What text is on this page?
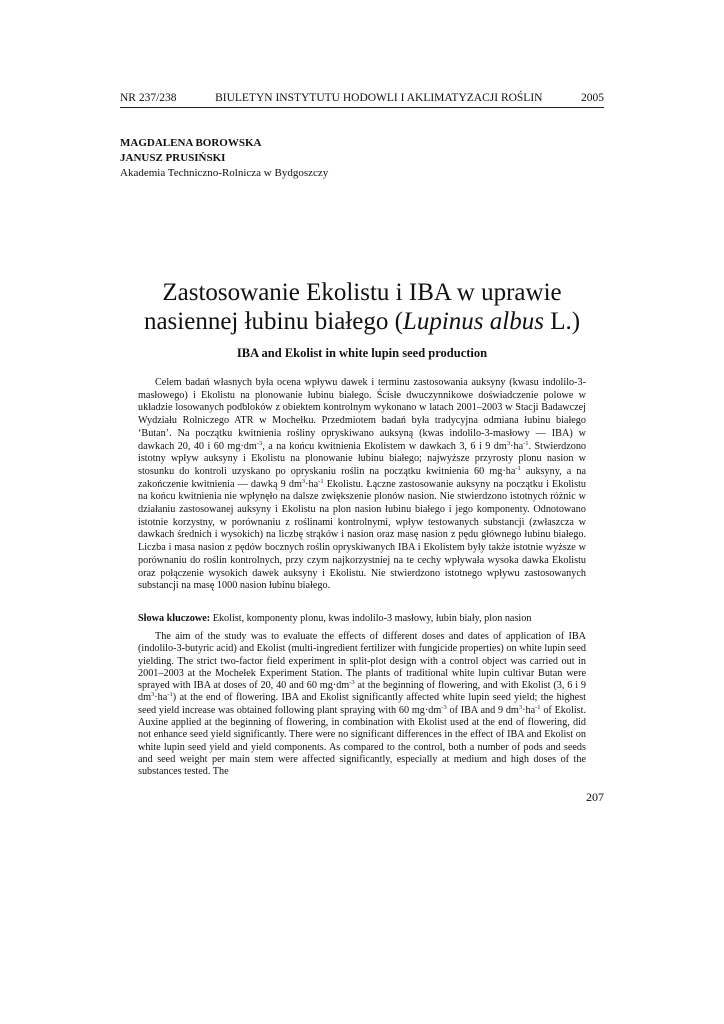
NR 237/238	BIULETYN INSTYTUTU HODOWLI I AKLIMATYZACJI ROŚLIN	2005
MAGDALENA BOROWSKA
JANUSZ PRUSIŃSKI
Akademia Techniczno-Rolnicza w Bydgoszczy
Zastosowanie Ekolistu i IBA w uprawie
nasiennej łubinu białego (Lupinus albus L.)
IBA and Ekolist in white lupin seed production

Celem badań własnych była ocena wpływu dawek i terminu zastosowania auksyny (kwasu indolilo-3-masłowego) i Ekolistu na plonowanie łubinu białego. Ścisłe dwuczynnikowe doświadczenie polowe w układzie losowanych podbloków z obiektem kontrolnym wykonano w latach 2001–2003 w Stacji Badawczej Wydziału Rolniczego ATR w Mochełku. Przedmiotem badań była tradycyjna odmiana łubinu białego ‘Butan’. Na początku kwitnienia rośliny opryskiwano auksyną (kwas indolilo-3-masłowy — IBA) w dawkach 20, 40 i 60 $mg\cdot dm^{-3}$, a na końcu kwitnienia Ekolistem w dawkach 3, 6 i 9 $dm^3\cdot ha^{-1}$. Stwierdzono istotny wpływ auksyny i Ekolistu na plonowanie łubinu białego; najwyższe przyrosty plonu nasion w stosunku do kontroli uzyskano po opryskaniu roślin na początku kwitnienia 60 $mg\cdot ha^{-1}$ auksyny, a na zakończenie kwitnienia — dawką 9 $dm^3\cdot ha^{-1}$ Ekolistu. Łączne zastosowanie auksyny na początku i Ekolistu na końcu kwitnienia nie wpłynęło na dalsze zwiększenie plonów nasion. Nie stwierdzono istotnych różnic w działaniu zastosowanej auksyny i Ekolistu na plon nasion łubinu białego i jego komponenty. Odnotowano istotnie korzystny, w porównaniu z roślinami kontrolnymi, wpływ testowanych substancji (zwłaszcza w dawkach średnich i wysokich) na liczbę strąków i nasion oraz masę nasion z pędu głównego łubinu białego. Liczba i masa nasion z pędów bocznych roślin opryskiwanych IBA i Ekolistem były także istotnie wyższe w porównaniu do roślin kontrolnych, przy czym najkorzystniej na te cechy wpływała wysoka dawka Ekolistu oraz połączenie wysokich dawek auksyny i Ekolistu. Nie stwierdzono istotnego wpływu zastosowanych substancji na masę 1000 nasion łubinu białego.

Słowa kluczowe: Ekolist, komponenty plonu, kwas indolilo-3 masłowy, łubin biały, plon nasion

The aim of the study was to evaluate the effects of different doses and dates of application of IBA (indolilo-3-butyric acid) and Ekolist (multi-ingredient fertilizer with fungicide properties) on white lupin seed yielding. The strict two-factor field experiment in split-plot design with a control object was carried out in 2001–2003 at the Mochełek Experiment Station. The plants of traditional white lupin cultivar Butan were sprayed with IBA at doses of 20, 40 and 60 $mg\cdot dm^{-3}$ at the beginning of flowering, and with Ekolist (3, 6 i 9 $dm^3\cdot ha^{-1}$) at the end of flowering. IBA and Ekolist significantly affected white lupin seed yield; the highest seed yield increase was obtained following plant spraying with 60 $mg\cdot dm^{-3}$ of IBA and 9 $dm^3\cdot ha^{-1}$ of Ekolist. Auxine applied at the beginning of flowering, in combination with Ekolist used at the end of flowering, did not enhance seed yield significantly. There were no significant differences in the effect of IBA and Ekolist on white lupin seed yield and yield components. As compared to the control, both a number of pods and seeds and seed weight per main stem were affected significantly, especially at medium and high doses of the substances tested. The

207
